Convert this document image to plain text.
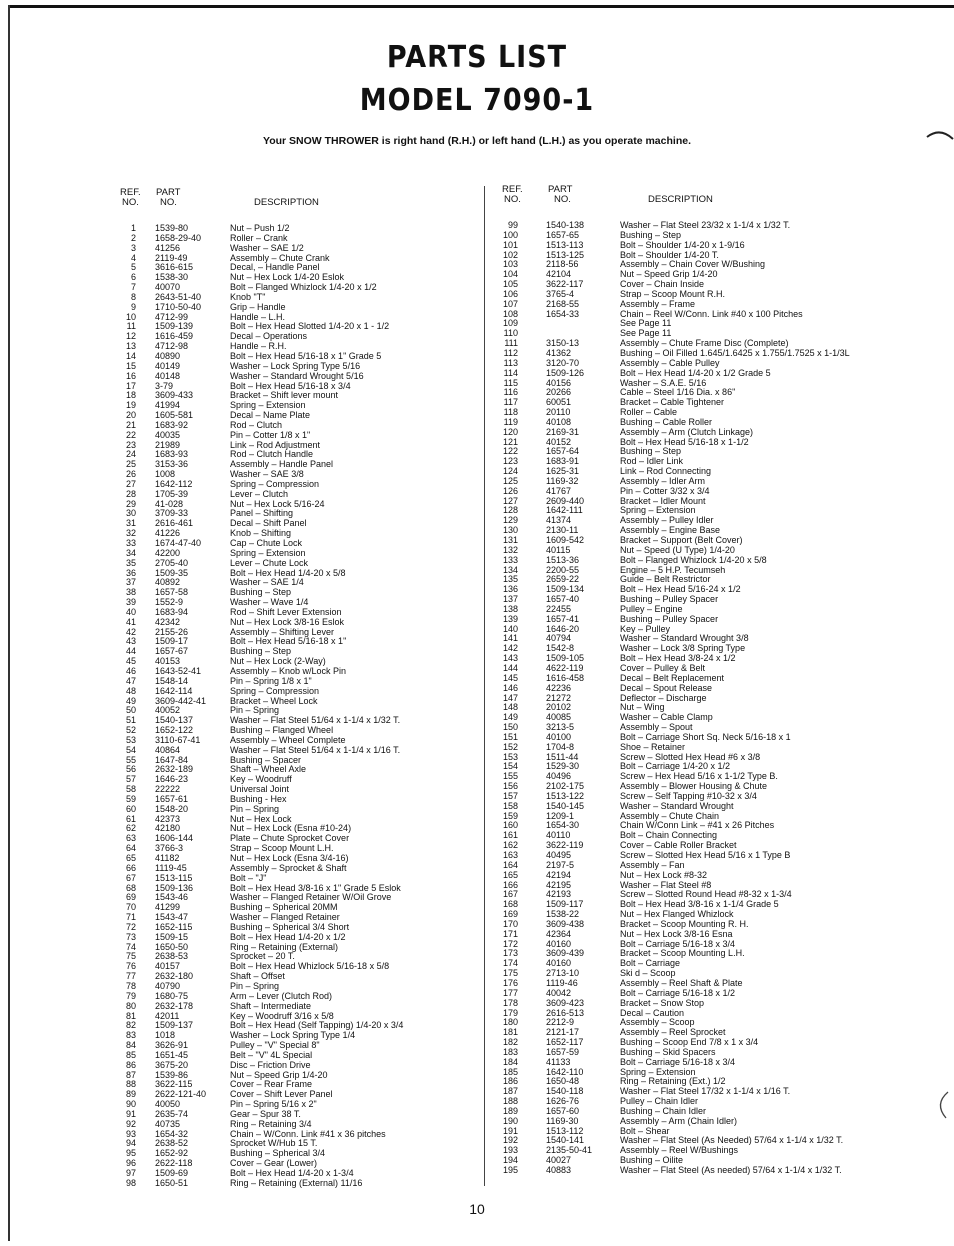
PARTS LIST
MODEL 7090-1
Your SNOW THROWER is right hand (R.H.) or left hand (L.H.) as you operate machine.
REF.
NO.
PART
NO.	DESCRIPTION
1 1539-80	Nut – Push 1/2
2 1658-29-40	Roller – Crank
3 41256	Washer – SAE 1/2
4 2119-49	Assembly – Chute Crank
5 3616-615	Decal, – Handle Panel
6 1538-30	Nut – Hex Lock 1/4-20 Eslok
7 40070	Bolt – Flanged Whizlock 1/4-20 x 1/2
8 2643-51-40	Knob "T"
9 1710-50-40	Grip – Handle
10 4712-99	Handle – L.H.
11 1509-139	Bolt – Hex Head Slotted 1/4-20 x 1 - 1/2
12 1616-459	Decal – Operations
13 4712-98	Handle – R.H.
14 40890	Bolt – Hex Head 5/16-18 x 1" Grade 5
15 40149	Washer – Lock Spring Type 5/16
16 40148	Washer – Standard Wrought 5/16
17 3-79	Bolt – Hex Head 5/16-18 x 3/4
18 3609-433	Bracket – Shift lever mount
19 41994	Spring – Extension
20 1605-581	Decal – Name Plate
21 1683-92	Rod – Clutch
22 40035	Pin – Cotter 1/8 x 1"
23 21989	Link – Rod Adjustment
24 1683-93	Rod – Clutch Handle
25 3153-36	Assembly – Handle Panel
26 1008	Washer – SAE 3/8
27 1642-112	Spring – Compression
28 1705-39	Lever – Clutch
29 41-028	Nut – Hex Lock 5/16-24
30 3709-33	Panel – Shifting
31 2616-461	Decal – Shift Panel
32 41226	Knob – Shifting
33 1674-47-40	Cap – Chute Lock
34 42200	Spring – Extension
35 2705-40	Lever – Chute Lock
36 1509-35	Bolt – Hex Head 1/4-20 x 5/8
37 40892	Washer – SAE 1/4
38 1657-58	Bushing – Step
39 1552-9	Washer – Wave 1/4
40 1683-94	Rod – Shift Lever Extension
41 42342	Nut – Hex Lock 3/8-16 Eslok
42 2155-26	Assembly – Shifting Lever
43 1509-17	Bolt – Hex Head 5/16-18 x 1"
44 1657-67	Bushing – Step
45 40153	Nut – Hex Lock (2-Way)
46 1643-52-41	Assembly – Knob w/Lock Pin
47 1548-14	Pin – Spring 1/8 x 1"
48 1642-114	Spring – Compression
49 3609-442-41	Bracket – Wheel Lock
50 40052	Pin – Spring
51 1540-137	Washer – Flat Steel 51/64 x 1-1/4 x 1/32 T.
52 1652-122	Bushing – Flanged Wheel
53 3110-67-41	Assembly – Wheel Complete
54 40864	Washer – Flat Steel 51/64 x 1-1/4 x 1/16 T.
55 1647-84	Bushing – Spacer
56 2632-189	Shaft – Wheel Axle
57 1646-23	Key – Woodruff
58 22222	Universal Joint
59 1657-61	Bushing - Hex
60 1548-20	Pin – Spring
61 42373	Nut – Hex Lock
62 42180	Nut – Hex Lock (Esna #10-24)
63 1606-144	Plate – Chute Sprocket Cover
64 3766-3	Strap – Scoop Mount L.H.
65 41182	Nut – Hex Lock (Esna 3/4-16)
66 1119-45	Assembly – Sprocket & Shaft
67 1513-115	Bolt – "J"
68 1509-136	Bolt – Hex Head 3/8-16 x 1" Grade 5 Eslok
69 1543-46	Washer – Flanged Retainer W/Oil Grove
70 41299	Bushing – Spherical 20MM
71 1543-47	Washer – Flanged Retainer
72 1652-115	Bushing – Spherical 3/4 Short
73 1509-15	Bolt – Hex Head 1/4-20 x 1/2
74 1650-50	Ring – Retaining (External)
75 2638-53	Sprocket – 20 T.
76 40157	Bolt – Hex Head Whizlock 5/16-18 x 5/8
77 2632-180	Shaft – Offset
78 40790	Pin – Spring
79 1680-75	Arm – Lever (Clutch Rod)
80 2632-178	Shaft – Intermediate
81 42011	Key – Woodruff 3/16 x 5/8
82 1509-137	Bolt – Hex Head (Self Tapping) 1/4-20 x 3/4
83 1018	Washer – Lock Spring Type 1/4
84 3626-91	Pulley – "V" Special 8"
85 1651-45	Belt – "V" 4L Special
86 3675-20	Disc – Friction Drive
87 1539-86	Nut – Speed Grip 1/4-20
88 3622-115	Cover – Rear Frame
89 2622-121-40	Cover – Shift Lever Panel
90 40050	Pin – Spring 5/16 x 2"
91 2635-74	Gear – Spur 38 T.
92 40735	Ring – Retaining 3/4
93 1654-32	Chain – W/Conn. Link #41 x 36 pitches
94 2638-52	Sprocket W/Hub 15 T.
95 1652-92	Bushing – Spherical 3/4
96 2622-118	Cover – Gear (Lower)
97 1509-69	Bolt – Hex Head 1/4-20 x 1-3/4
98 1650-51	Ring – Retaining (External) 11/16
REF.
NO.
PART
NO.	DESCRIPTION
99	1540-138	Washer – Flat Steel 23/32 x 1-1/4 x 1/32 T.
100	1657-65	Bushing – Step
101	1513-113	Bolt – Shoulder 1/4-20 x 1-9/16
102	1513-125	Bolt – Shoulder 1/4-20 T.
103	2118-56	Assembly – Chain Cover W/Bushing
104	42104	Nut – Speed Grip 1/4-20
105	3622-117	Cover – Chain Inside
106	3765-4	Strap – Scoop Mount R.H.
107	2168-55	Assembly – Frame
108	1654-33	Chain – Reel W/Conn. Link #40 x 100 Pitches
109	See Page 11
110	See Page 11
111	3150-13	Assembly – Chute Frame Disc (Complete)
112	41362	Bushing – Oil Filled 1.645/1.6425 x 1.755/1.7525 x 1-1/3L
113	3120-70	Assembly – Cable Pulley
114	1509-126	Bolt – Hex Head 1/4-20 x 1/2 Grade 5
115	40156	Washer – S.A.E. 5/16
116	20266	Cable – Steel 1/16 Dia. x 86"
117	60051	Bracket – Cable Tightener
118	20110	Roller – Cable
119	40108	Bushing – Cable Roller
120	2169-31	Assembly – Arm (Clutch Linkage)
121	40152	Bolt – Hex Head 5/16-18 x 1-1/2
122	1657-64	Bushing – Step
123	1683-91	Rod – Idler Link
124	1625-31	Link – Rod Connecting
125	1169-32	Assembly – Idler Arm
126	41767	Pin – Cotter 3/32 x 3/4
127	2609-440	Bracket – Idler Mount
128	1642-111	Spring – Extension
129	41374	Assembly – Pulley Idler
130	2130-11	Assembly – Engine Base
131	1609-542	Bracket – Support (Belt Cover)
132	40115	Nut – Speed (U Type) 1/4-20
133	1513-36	Bolt – Flanged Whizlock 1/4-20 x 5/8
134	2200-55	Engine – 5 H.P. Tecumseh
135	2659-22	Guide – Belt Restrictor
136	1509-134	Bolt – Hex Head 5/16-24 x 1/2
137	1657-40	Bushing – Pulley Spacer
138	22455	Pulley – Engine
139	1657-41	Bushing – Pulley Spacer
140	1646-20	Key – Pulley
141	40794	Washer – Standard Wrought 3/8
142	1542-8	Washer – Lock 3/8 Spring Type
143	1509-105	Bolt – Hex Head 3/8-24 x 1/2
144	4622-119	Cover – Pulley & Belt
145	1616-458	Decal – Belt Replacement
146	42236	Decal – Spout Release
147	21272	Deflector – Discharge
148	20102	Nut – Wing
149	40085	Washer – Cable Clamp
150	3213-5	Assembly – Spout
151	40100	Bolt – Carriage Short Sq. Neck 5/16-18 x 1
152	1704-8	Shoe – Retainer
153	1511-44	Screw – Slotted Hex Head #6 x 3/8
154	1529-30	Bolt – Carriage 1/4-20 x 1/2
155	40496	Screw – Hex Head 5/16 x 1-1/2 Type B.
156	2102-175	Assembly – Blower Housing & Chute
157	1513-122	Screw – Self Tapping #10-32 x 3/4
158	1540-145	Washer – Standard Wrought
159	1209-1	Assembly – Chute Chain
160	1654-30	Chain W/Conn Link – #41 x 26 Pitches
161	40110	Bolt – Chain Connecting
162	3622-119	Cover – Cable Roller Bracket
163	40495	Screw – Slotted Hex Head 5/16 x 1 Type B
164	2197-5	Assembly – Fan
165	42194	Nut – Hex Lock #8-32
166	42195	Washer – Flat Steel #8
167	42193	Screw – Slotted Round Head #8-32 x 1-3/4
168	1509-117	Bolt – Hex Head 3/8-16 x 1-1/4 Grade 5
169	1538-22	Nut – Hex Flanged Whizlock
170	3609-438	Bracket – Scoop Mounting R. H.
171	42364	Nut – Hex Lock 3/8-16 Esna
172	40160	Bolt – Carriage 5/16-18 x 3/4
173	3609-439	Bracket – Scoop Mounting L.H.
174	40160	Bolt – Carriage
175	2713-10	Ski d – Scoop
176	1119-46	Assembly – Reel Shaft & Plate
177	40042	Bolt – Carriage 5/16-18 x 1/2
178	3609-423	Bracket – Snow Stop
179	2616-513	Decal – Caution
180	2212-9	Assembly – Scoop
181	2121-17	Assembly – Reel Sprocket
182	1652-117	Bushing – Scoop End 7/8 x 1 x 3/4
183	1657-59	Bushing – Skid Spacers
184	41133	Bolt – Carriage 5/16-18 x 3/4
185	1642-110	Spring – Extension
186	1650-48	Ring – Retaining (Ext.) 1/2
187	1540-118	Washer – Flat Steel 17/32 x 1-1/4 x 1/16 T.
188	1626-76	Pulley – Chain Idler
189	1657-60	Bushing – Chain Idler
190	1169-30	Assembly – Arm (Chain Idler)
191	1513-112	Bolt – Shear
192	1540-141	Washer – Flat Steel (As Needed) 57/64 x 1-1/4 x 1/32 T.
193	2135-50-41	Assembly – Reel W/Bushings
194	40027	Bushing – Oilite
195	40883	Washer – Flat Steel (As needed) 57/64 x 1-1/4 x 1/32 T.
10
